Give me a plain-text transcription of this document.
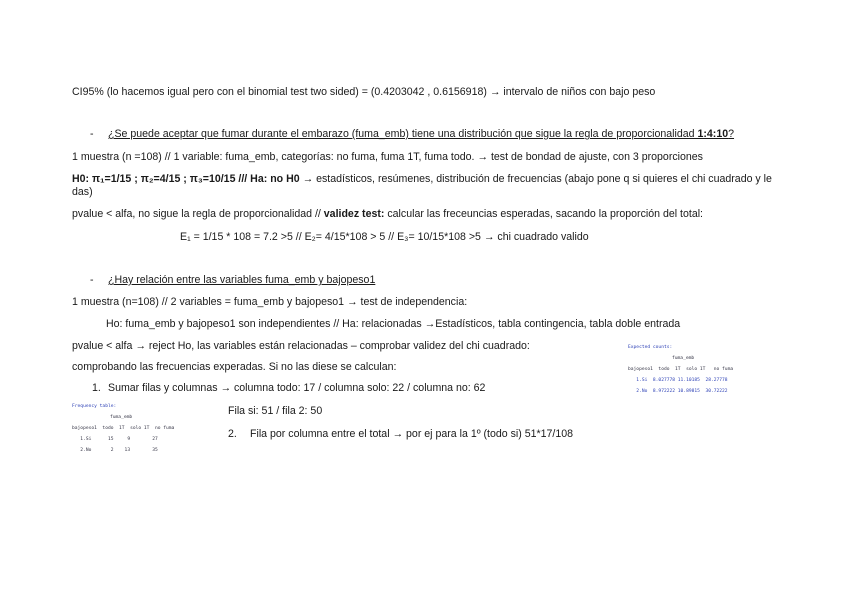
CI95% (lo hacemos igual pero con el binomial test two sided) = (0.4203042 , 0.6156918) → intervalo de niños con bajo peso
- ¿Se puede aceptar que fumar durante el embarazo (fuma_emb) tiene una distribución que sigue la regla de proporcionalidad 1:4:10?
1 muestra (n =108) // 1 variable: fuma_emb, categorías: no fuma, fuma 1T, fuma todo. → test de bondad de ajuste, con 3 proporciones
H0: π₁=1/15 ; π₂=4/15 ; π₃=10/15 /// Ha: no H0 → estadísticos, resúmenes, distribución de frecuencias (abajo pone q si quieres el chi cuadrado y le das)
pvalue < alfa, no sigue la regla de proporcionalidad // validez test: calcular las freceuncias esperadas, sacando la proporción del total:
E₁ = 1/15 * 108 = 7.2 >5 // E₂= 4/15*108 > 5 // E₃= 10/15*108 >5 → chi cuadrado valido
- ¿Hay relación entre las variables fuma_emb y bajopeso1
1 muestra (n=108) // 2 variables = fuma_emb y bajopeso1 → test de independencia:
Ho: fuma_emb y bajopeso1 son independientes // Ha: relacionadas →Estadísticos, tabla contingencia, tabla doble entrada
pvalue < alfa → reject Ho, las variables están relacionadas – comprobar validez del chi cuadrado:
comprobando las frecuencias experadas. Si no las diese se calculan:
1. Sumar filas y columnas → columna todo: 17 / columna solo: 22 / columna no: 62
Fila si: 51 / fila 2: 50
2. Fila por columna entre el total → por ej para la 1º (todo si) 51*17/108

Frequency table:

fuma_emb

bajopeso1  todo  1T  solo 1T  no fuma

1.Si      15     9        27

2.No       2    13        35

Expected counts:

fuma_emb

bajopeso1  todo  1T  solo 1T   no fuma

1.Si  8.027778 11.10185  28.27778

2.No  8.972222 10.89815  30.72222
